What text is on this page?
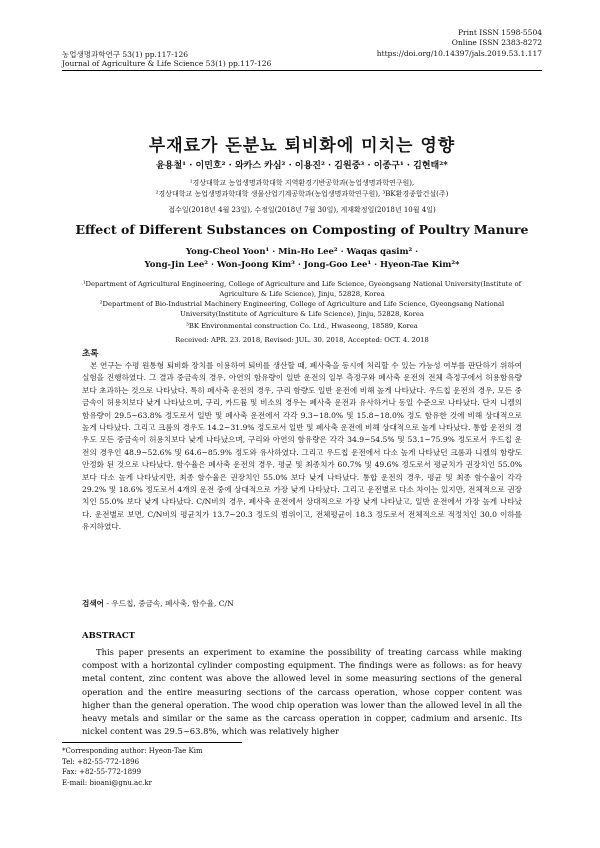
Print ISSN 1598-5504
Online ISSN 2383-8272
농업생명과학연구 53(1) pp.117-126	https://doi.org/10.14397/jals.2019.53.1.117
Journal of Agriculture & Life Science 53(1) pp.117-126
부재료가 돈분뇨 퇴비화에 미치는 영향
윤용철¹ · 이민호² · 와카스 카심² · 이용진² · 김원중³ · 이종구¹ · 김현태²*
¹경상대학교 농업생명과학대학 지역환경기반공학과(농업생명과학연구원),
²경상대학교 농업생명과학대학 생물산업기계공학과(농업생명과학연구원), ³BK환경종합건설(주)
접수일(2018년 4월 23일), 수정일(2018년 7월 30일), 게재확정일(2018년 10월 4일)
Effect of Different Substances on Composting of Poultry Manure
Yong-Cheol Yoon¹ · Min-Ho Lee² · Waqas qasim² ·
Yong-Jin Lee² · Won-Joong Kim³ · Jong-Goo Lee¹ · Hyeon-Tae Kim²*
¹Department of Agricultural Engineering, College of Agriculture and Life Science, Gyeongsang National University(Institute of Agriculture & Life Science), Jinju, 52828, Korea
²Department of Bio-Industrial Machinery Engineering, College of Agriculture and Life Science, Gyeongsang National University(Institute of Agriculture & Life Science), Jinju, 52828, Korea
³BK Environmental construction Co. Ltd., Hwaseong, 18589, Korea
Received: APR. 23. 2018, Revised: JUL. 30. 2018, Accepted: OCT. 4. 2018
초록
본 연구는 수평 원통형 퇴비화 장치를 이용하여 퇴비를 생산할 때, 폐사축을 동시에 처리할 수 있는 가능성 여부를 판단하기 위하여 실험을 진행하였다. 그 결과 중금속의 경우, 아연의 함유량이 일반 운전의 일부 측정구와 폐사축 운전의 전체 측정구에서 허용함유량 보다 초과하는 것으로 나타났다. 특히 폐사축 운전의 경우, 구리 함량도 일반 운전에 비해 높게 나타났다. 우드칩 운전의 경우, 모든 중금속이 허용치보다 낮게 나타났으며, 구리, 카드뮴 및 비소의 경우는 폐사축 운전과 유사하거나 동일 수준으로 나타났다. 단지 니켈의 함유량이 29.5~63.8% 정도로서 일반 및 폐사축 운전에서 각각 9.3~18.0% 및 15.8~18.0% 정도 함유한 것에 비해 상대적으로 높게 나타났다. 그리고 크롬의 경우도 14.2~31.9% 정도로서 일반 및 폐사축 운전에 비해 상대적으로 높게 나타났다. 통합 운전의 경우도 모든 중금속이 허용치보다 낮게 나타났으며, 구리와 아연의 함유량은 각각 34.9~54.5% 및 53.1~75.9% 정도로서 우드칩 운전의 경우인 48.9~52.6% 및 64.6~85.9% 정도와 유사하였다. 그리고 우드칩 운전에서 다소 높게 나타났던 크롬과 니켈의 함량도 안정화 된 것으로 나타났다. 함수율은 폐사축 운전의 경우, 평균 및 최종치가 60.7% 및 49.6% 정도로서 평균치가 권장치인 55.0% 보다 다소 높게 나타났지만, 최종 함수율은 권장치인 55.0% 보다 낮게 나타났다. 통합 운전의 경우, 평균 및 최종 함수율이 각각 29.2% 및 18.6% 정도로서 4개의 운전 중에 상대적으로 가장 낮게 나타났다. 그리고 운전별로 다소 차이는 있지만, 전체적으로 권장치인 55.0% 보다 낮게 나타났다. C/N비의 경우, 폐사축 운전에서 상대적으로 가장 낮게 나타났고, 일반 운전에서 가장 높게 나타났다. 운전별로 보면, C/N비의 평균치가 13.7~20.3 정도의 범위이고, 전체평균이 18.3 정도로서 전체적으로 적정치인 30.0 이하를 유지하였다.
검색어 - 우드칩, 중금속, 폐사축, 함수율, C/N
ABSTRACT
This paper presents an experiment to examine the possibility of treating carcass while making compost with a horizontal cylinder composting equipment. The findings were as follows: as for heavy metal content, zinc content was above the allowed level in some measuring sections of the general operation and the entire measuring sections of the carcass operation, whose copper content was higher than the general operation. The wood chip operation was lower than the allowed level in all the heavy metals and similar or the same as the carcass operation in copper, cadmium and arsenic. Its nickel content was 29.5~63.8%, which was relatively higher
*Corresponding author: Hyeon-Tae Kim
Tel: +82-55-772-1896
Fax: +82-55-772-1899
E-mail: bioani@gnu.ac.kr
